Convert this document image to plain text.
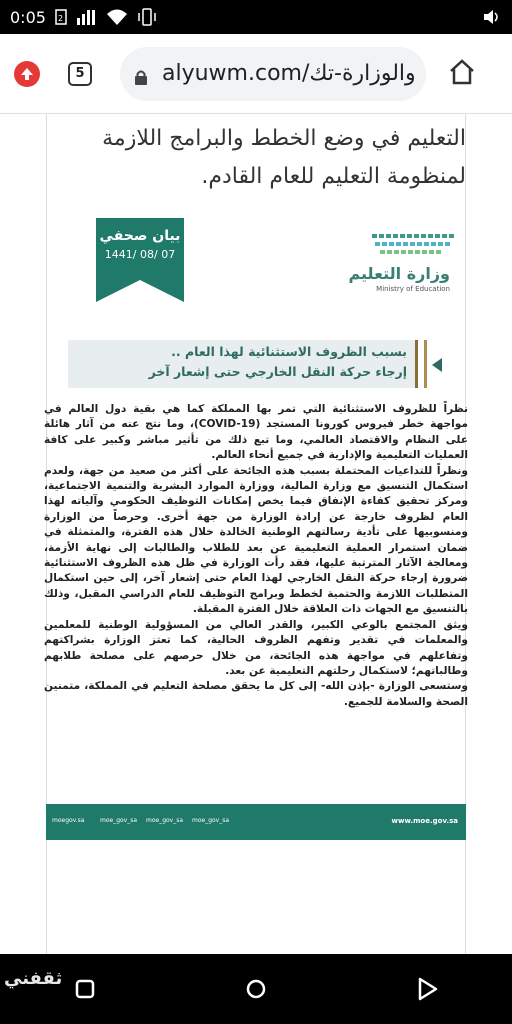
0:05 2
5	alyuwm.com/والوزارة-تك
التعليم في وضع الخطط والبرامج اللازمة لمنظومة التعليم للعام القادم.
بيان صحفي
1441/ 08/ 07
وزارة التعليم
Ministry of Education
بسبب الظروف الاستثنائية لهذا العام ..
إرجاء حركة النقل الخارجي حتى إشعار آخر

نظراً للظروف الاستثنائية التي تمر بها المملكة كما هي بقية دول العالم في مواجهة خطر فيروس كورونا المستجد (COVID-19)، وما نتج عنه من آثار هائلة على النظام والاقتصاد العالمي، وما تبع ذلك من تأثير مباشر وكبير على كافة العمليات التعليمية والإدارية في جميع أنحاء العالم.

ونظراً للتداعيات المحتملة بسبب هذه الجائحة على أكثر من صعيد من جهة، ولعدم استكمال التنسيق مع وزارة المالية، ووزارة الموارد البشرية والتنمية الاجتماعية، ومركز تحقيق كفاءة الإنفاق فيما يخص إمكانات التوظيف الحكومي وآلياته لهذا العام لظروف خارجة عن إرادة الوزارة من جهة أخرى. وحرصاً من الوزارة ومنسوبيها على تأدية رسالتهم الوطنية الخالدة خلال هذه الفترة، والمتمثلة في ضمان استمرار العملية التعليمية عن بعد للطلاب والطالبات إلى نهاية الأزمة، ومعالجة الآثار المترتبة عليها، فقد رأت الوزارة في ظل هذه الظروف الاستثنائية ضرورة إرجاء حركة النقل الخارجي لهذا العام حتى إشعار آخر، إلى حين استكمال المتطلبات اللازمة والحتمية لخطط وبرامج التوظيف للعام الدراسي المقبل، وذلك بالتنسيق مع الجهات ذات العلاقة خلال الفترة المقبلة.

ويثق المجتمع بالوعي الكبير، والقدر العالي من المسؤولية الوطنية للمعلمين والمعلمات في تقدير وتفهم الظروف الحالية، كما تعتز الوزارة بشراكتهم وتفاعلهم في مواجهة هذه الجائحة، من خلال حرصهم على مصلحة طلابهم وطالباتهم؛ لاستكمال رحلتهم التعليمية عن بعد.

وستسعى الوزارة -بإذن الله- إلى كل ما يحقق مصلحة التعليم في المملكة، متمنين الصحة والسلامة للجميع.

moegov.sa	moe_gov_sa moe_gov_sa moe_gov_sa	www.moe.gov.sa
ثقفني
